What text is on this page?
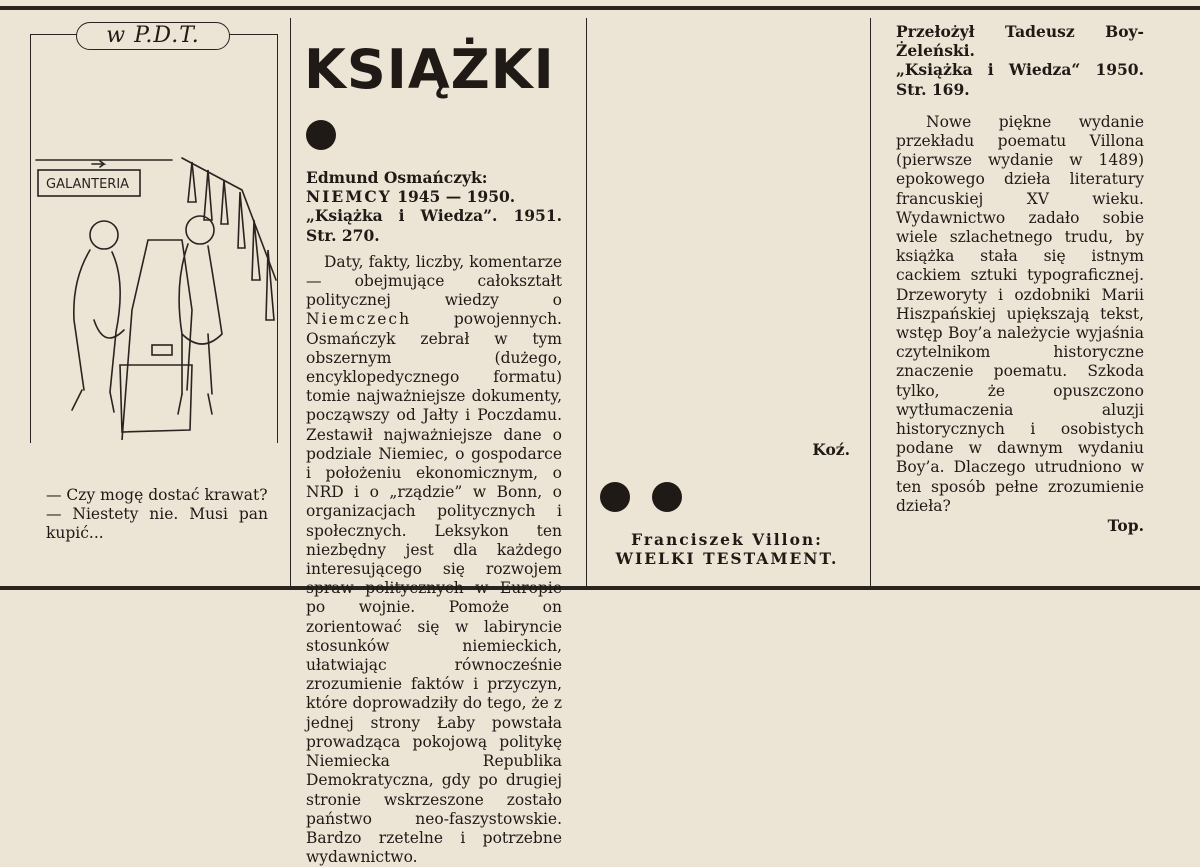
w P.D.T.
GALANTERIA

— Czy mogę dostać krawat?

— Niestety nie. Musi pan kupić...

KSIĄŻKI

Edmund Osmańczyk:

NIEMCY 1945 — 1950.

„Książka i Wiedza”. 1951. Str. 270.

Daty, fakty, liczby, komentarze — obejmujące całokształt politycznej wiedzy o Niemczech	powojennych. Osmańczyk zebrał w tym obszernym (dużego, encyklopedycznego formatu) tomie najważniejsze dokumenty, począwszy od Jałty i Poczdamu. Zestawił najważniejsze dane o podziale Niemiec, o gospodarce i położeniu ekonomicznym, o NRD i o „rządzie” w Bonn, o organizacjach politycznych i społecznych. Leksykon ten niezbędny jest dla każdego interesującego się rozwojem spraw politycznych w Europie po wojnie. Pomoże on zorientować się w labiryncie stosunków niemieckich, ułatwiając równocześnie zrozumienie faktów i przyczyn, które doprowadziły do tego, że z jednej strony Łaby powstała prowadząca pokojową politykę Niemiecka Republika Demokratyczna, gdy po drugiej stronie wskrzeszone zostało państwo neo-faszystowskie. Bardzo rzetelne i potrzebne wydawnictwo.

Koź.

Franciszek Villon:

WIELKI TESTAMENT.

Przełożył Tadeusz Boy-Żeleński.

„Książka i Wiedza“ 1950. Str. 169.

Nowe piękne wydanie przekładu poematu Villona (pierwsze wydanie w 1489) epokowego dzieła literatury francuskiej XV wieku. Wydawnictwo zadało sobie wiele szlachetnego trudu, by książka stała się istnym cackiem sztuki typograficznej. Drzeworyty i ozdobniki Marii Hiszpańskiej upiększają tekst, wstęp Boy’a należycie wyjaśnia czytelnikom historyczne znaczenie poematu. Szkoda tylko, że opuszczono wytłumaczenia aluzji historycznych i osobistych podane w dawnym wydaniu Boy’a. Dlaczego utrudniono w ten sposób pełne zrozumienie dzieła?

Top.
